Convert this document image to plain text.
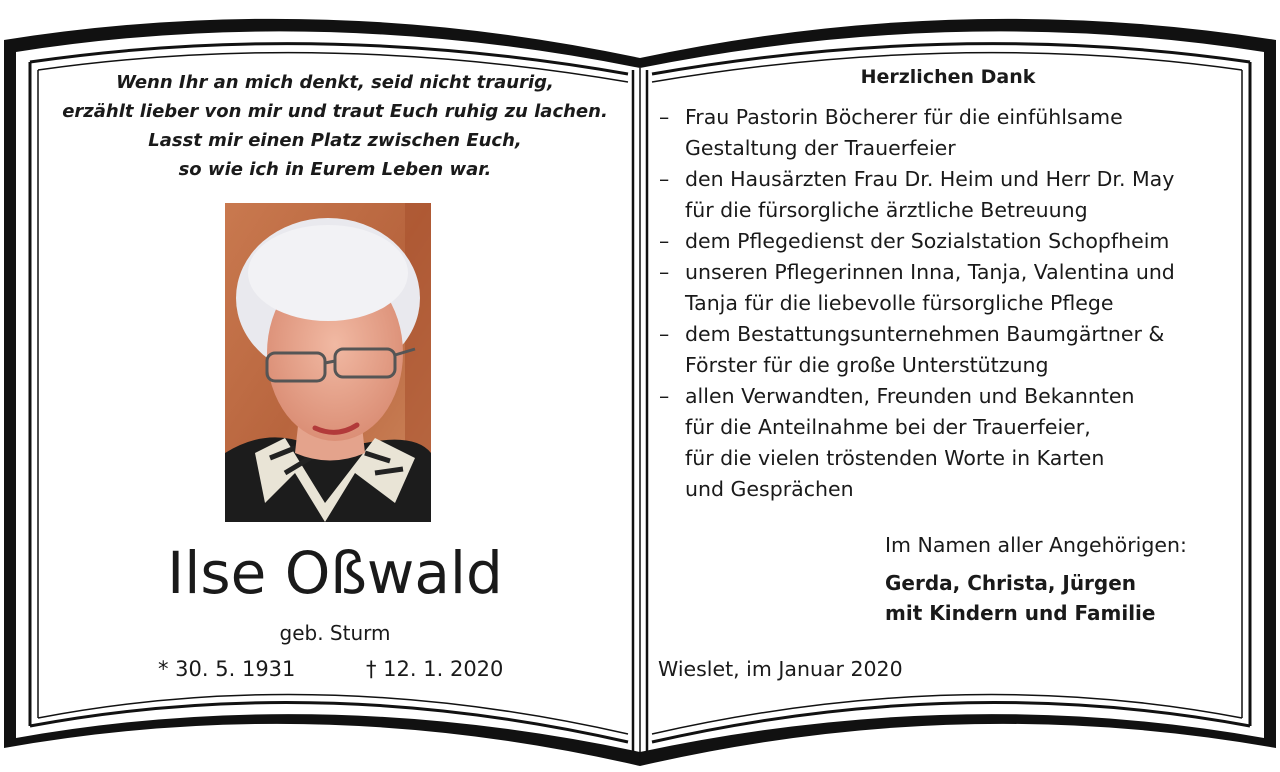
Wenn Ihr an mich denkt, seid nicht traurig,
erzählt lieber von mir und traut Euch ruhig zu lachen.
Lasst mir einen Platz zwischen Euch,
so wie ich in Eurem Leben war.
Ilse Oßwald
geb. Sturm
* 30. 5. 1931	† 12. 1. 2020
Herzlichen Dank
– Frau Pastorin Böcherer für die einfühlsame
Gestaltung der Trauerfeier
– den Hausärzten Frau Dr. Heim und Herr Dr. May
für die fürsorgliche ärztliche Betreuung
– dem Pflegedienst der Sozialstation Schopfheim
– unseren Pflegerinnen Inna, Tanja, Valentina und
Tanja für die liebevolle fürsorgliche Pflege
– dem Bestattungsunternehmen Baumgärtner &
Förster für die große Unterstützung
– allen Verwandten, Freunden und Bekannten
für die Anteilnahme bei der Trauerfeier,
für die vielen tröstenden Worte in Karten
und Gesprächen
Im Namen aller Angehörigen:
Gerda, Christa, Jürgen
mit Kindern und Familie
Wieslet, im Januar 2020
